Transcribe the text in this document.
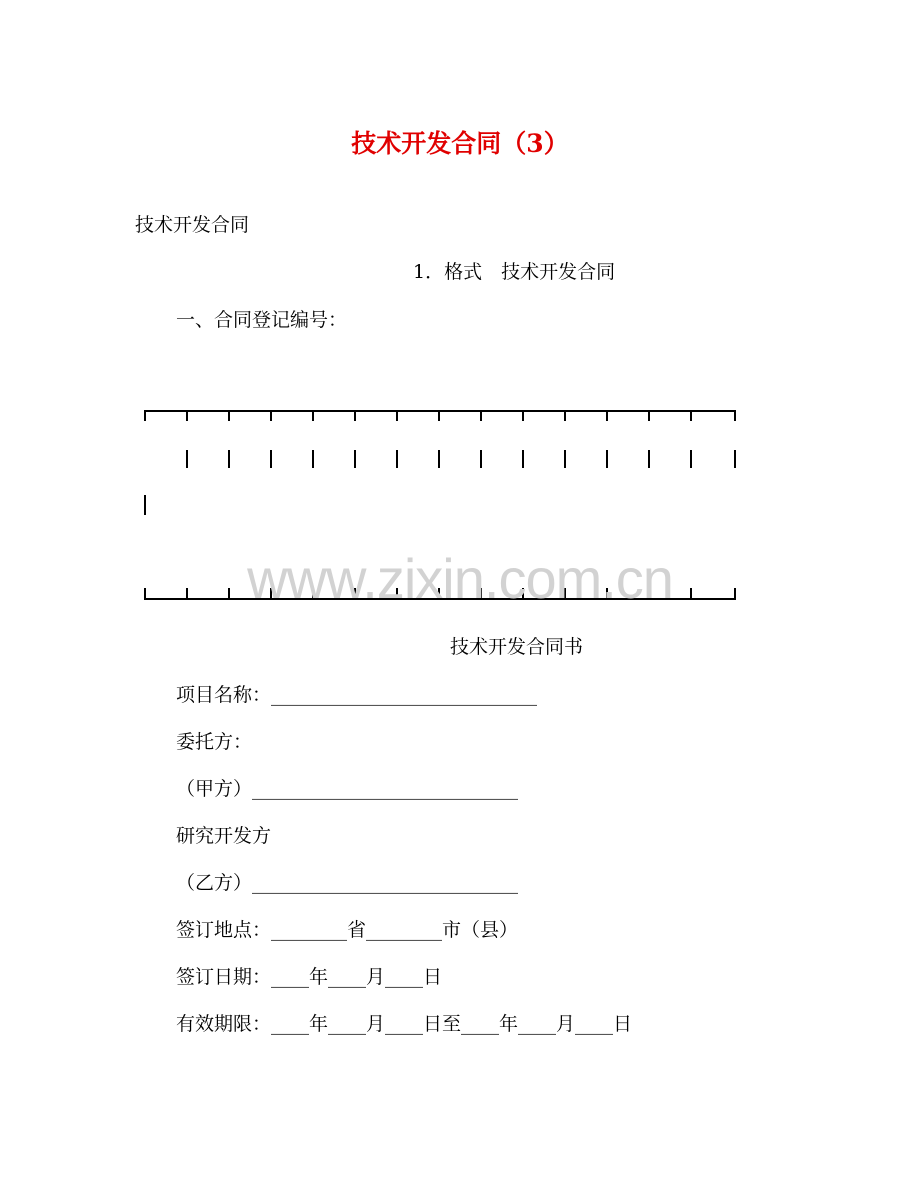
技术开发合同（3）
技术开发合同
1．格式　技术开发合同
一、合同登记编号：
www.zixin.com.cn
技术开发合同书
项目名称：____________________________
委托方：
（甲方）____________________________
研究开发方
（乙方）____________________________
签订地点：________省________市（县）
签订日期：____年____月____日
有效期限：____年____月____日至____年____月____日
